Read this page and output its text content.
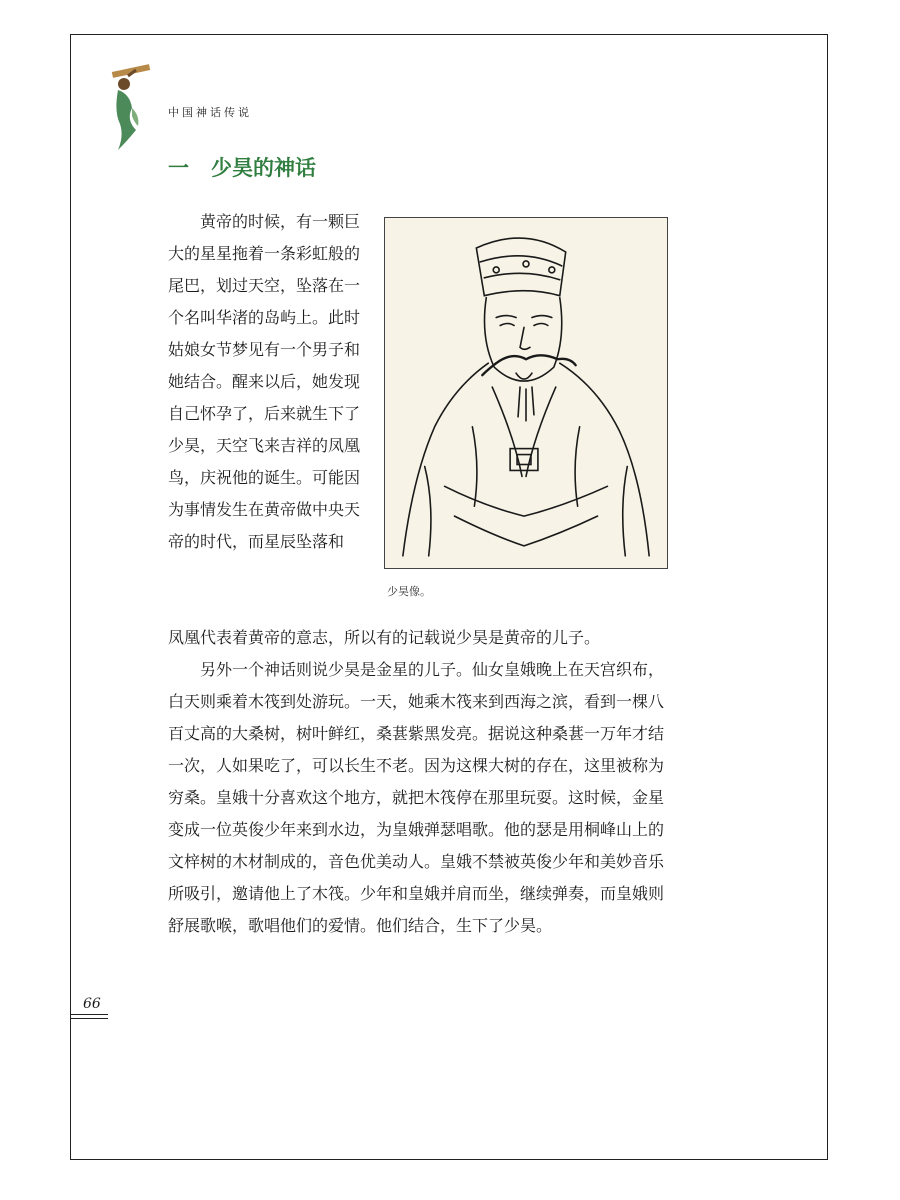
中国神话传说
一 少昊的神话
少昊像。

黄帝的时候，有一颗巨大的星星拖着一条彩虹般的尾巴，划过天空，坠落在一个名叫华渚的岛屿上。此时姑娘女节梦见有一个男子和她结合。醒来以后，她发现自己怀孕了，后来就生下了少昊，天空飞来吉祥的凤凰鸟，庆祝他的诞生。可能因为事情发生在黄帝做中央天帝的时代，而星辰坠落和

凤凰代表着黄帝的意志，所以有的记载说少昊是黄帝的儿子。

另外一个神话则说少昊是金星的儿子。仙女皇娥晚上在天宫织布，白天则乘着木筏到处游玩。一天，她乘木筏来到西海之滨，看到一棵八百丈高的大桑树，树叶鲜红，桑葚紫黑发亮。据说这种桑葚一万年才结一次，人如果吃了，可以长生不老。因为这棵大树的存在，这里被称为穷桑。皇娥十分喜欢这个地方，就把木筏停在那里玩耍。这时候，金星变成一位英俊少年来到水边，为皇娥弹瑟唱歌。他的瑟是用桐峰山上的文梓树的木材制成的，音色优美动人。皇娥不禁被英俊少年和美妙音乐所吸引，邀请他上了木筏。少年和皇娥并肩而坐，继续弹奏，而皇娥则舒展歌喉，歌唱他们的爱情。他们结合，生下了少昊。

66
